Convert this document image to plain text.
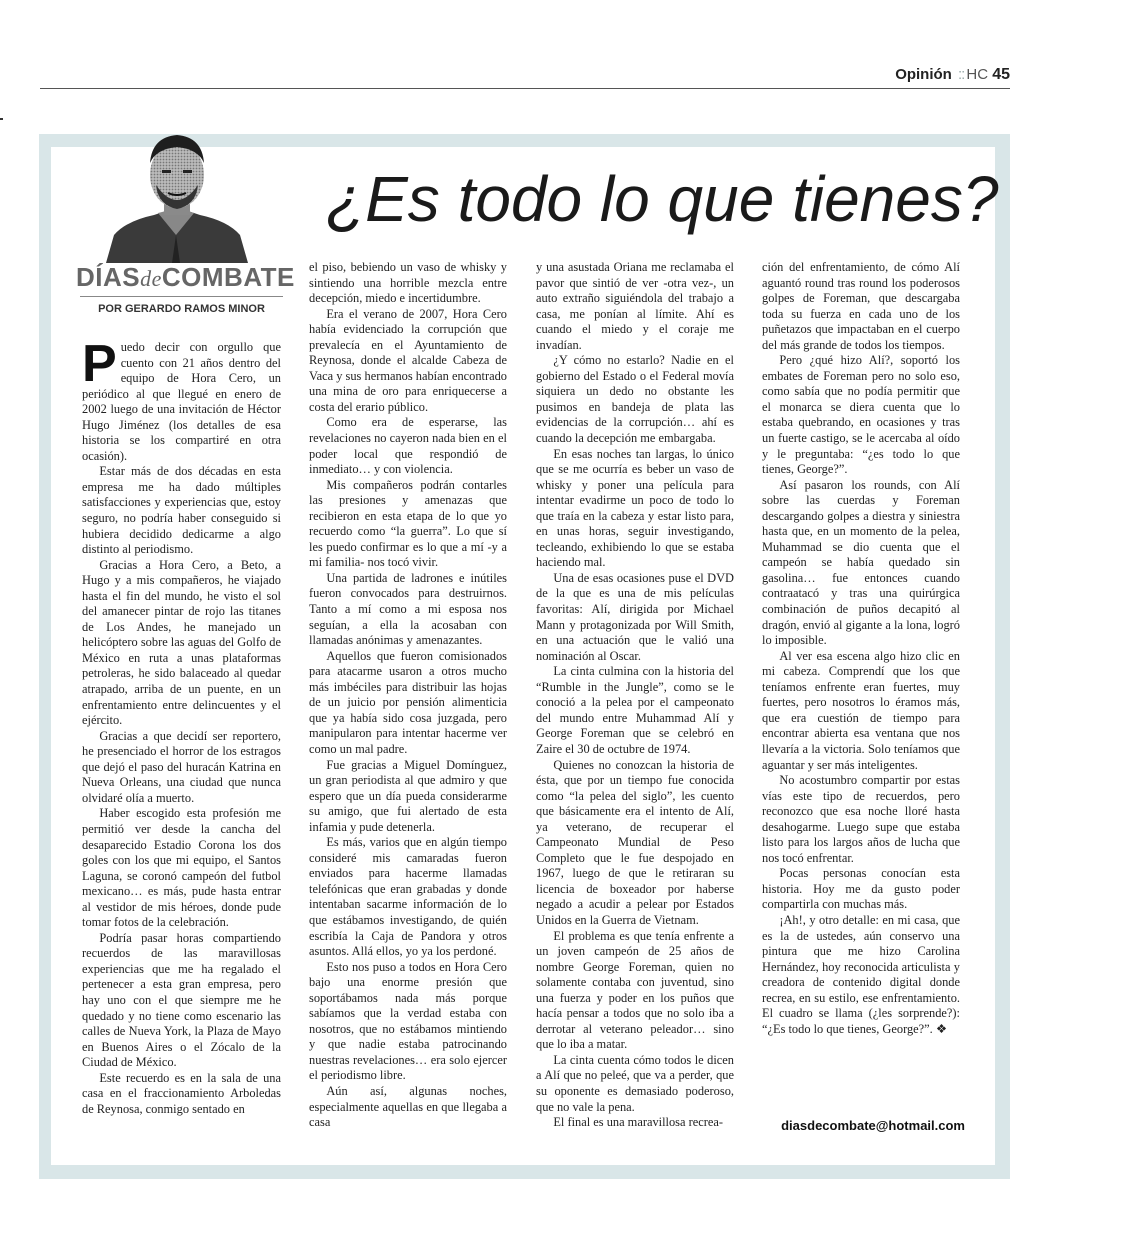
Opinión :: HC 45
DÍASdeCOMBATE
POR GERARDO RAMOS MINOR
¿Es todo lo que tienes?

Puedo decir con orgullo que cuento con 21 años dentro del equipo de Hora Cero, un periódico al que llegué en enero de 2002 luego de una invitación de Héctor Hugo Jiménez (los detalles de esa historia se los compartiré en otra ocasión).

Estar más de dos décadas en esta empresa me ha dado múltiples satisfacciones y experiencias que, estoy seguro, no podría haber conseguido si hubiera decidido dedicarme a algo distinto al periodismo.

Gracias a Hora Cero, a Beto, a Hugo y a mis compañeros, he viajado hasta el fin del mundo, he visto el sol del amanecer pintar de rojo las titanes de Los Andes, he manejado un helicóptero sobre las aguas del Golfo de México en ruta a unas plataformas petroleras, he sido balaceado al quedar atrapado, arriba de un puente, en un enfrentamiento entre delincuentes y el ejército.

Gracias a que decidí ser reportero, he presenciado el horror de los estragos que dejó el paso del huracán Katrina en Nueva Orleans, una ciudad que nunca olvidaré olía a muerto.

Haber escogido esta profesión me permitió ver desde la cancha del desaparecido Estadio Corona los dos goles con los que mi equipo, el Santos Laguna, se coronó campeón del futbol mexicano… es más, pude hasta entrar al vestidor de mis héroes, donde pude tomar fotos de la celebración.

Podría pasar horas compartiendo recuerdos de las maravillosas experiencias que me ha regalado el pertenecer a esta gran empresa, pero hay uno con el que siempre me he quedado y no tiene como escenario las calles de Nueva York, la Plaza de Mayo en Buenos Aires o el Zócalo de la Ciudad de México.

Este recuerdo es en la sala de una casa en el fraccionamiento Arboledas de Reynosa, conmigo sentado en

el piso, bebiendo un vaso de whisky y sintiendo una horrible mezcla entre decepción, miedo e incertidumbre.

Era el verano de 2007, Hora Cero había evidenciado la corrupción que prevalecía en el Ayuntamiento de Reynosa, donde el alcalde Cabeza de Vaca y sus hermanos habían encontrado una mina de oro para enriquecerse a costa del erario público.

Como era de esperarse, las revelaciones no cayeron nada bien en el poder local que respondió de inmediato… y con violencia.

Mis compañeros podrán contarles las presiones y amenazas que recibieron en esta etapa de lo que yo recuerdo como “la guerra”. Lo que sí les puedo confirmar es lo que a mí -y a mi familia- nos tocó vivir.

Una partida de ladrones e inútiles fueron convocados para destruirnos. Tanto a mí como a mi esposa nos seguían, a ella la acosaban con llamadas anónimas y amenazantes.

Aquellos que fueron comisionados para atacarme usaron a otros mucho más imbéciles para distribuir las hojas de un juicio por pensión alimenticia que ya había sido cosa juzgada, pero manipularon para intentar hacerme ver como un mal padre.

Fue gracias a Miguel Domínguez, un gran periodista al que admiro y que espero que un día pueda considerarme su amigo, que fui alertado de esta infamia y pude detenerla.

Es más, varios que en algún tiempo consideré mis camaradas fueron enviados para hacerme llamadas telefónicas que eran grabadas y donde intentaban sacarme información de lo que estábamos investigando, de quién escribía la Caja de Pandora y otros asuntos. Allá ellos, yo ya los perdoné.

Esto nos puso a todos en Hora Cero bajo una enorme presión que soportábamos nada más porque sabíamos que la verdad estaba con nosotros, que no estábamos mintiendo y que nadie estaba patrocinando nuestras revelaciones… era solo ejercer el periodismo libre.

Aún así, algunas noches, especialmente aquellas en que llegaba a casa

y una asustada Oriana me reclamaba el pavor que sintió de ver -otra vez-, un auto extraño siguiéndola del trabajo a casa, me ponían al límite. Ahí es cuando el miedo y el coraje me invadían.

¿Y cómo no estarlo? Nadie en el gobierno del Estado o el Federal movía siquiera un dedo no obstante les pusimos en bandeja de plata las evidencias de la corrupción… ahí es cuando la decepción me embargaba.

En esas noches tan largas, lo único que se me ocurría es beber un vaso de whisky y poner una película para intentar evadirme un poco de todo lo que traía en la cabeza y estar listo para, en unas horas, seguir investigando, tecleando, exhibiendo lo que se estaba haciendo mal.

Una de esas ocasiones puse el DVD de la que es una de mis películas favoritas: Alí, dirigida por Michael Mann y protagonizada por Will Smith, en una actuación que le valió una nominación al Oscar.

La cinta culmina con la historia del “Rumble in the Jungle”, como se le conoció a la pelea por el campeonato del mundo entre Muhammad Alí y George Foreman que se celebró en Zaire el 30 de octubre de 1974.

Quienes no conozcan la historia de ésta, que por un tiempo fue conocida como “la pelea del siglo”, les cuento que básicamente era el intento de Alí, ya veterano, de recuperar el Campeonato Mundial de Peso Completo que le fue despojado en 1967, luego de que le retiraran su licencia de boxeador por haberse negado a acudir a pelear por Estados Unidos en la Guerra de Vietnam.

El problema es que tenía enfrente a un joven campeón de 25 años de nombre George Foreman, quien no solamente contaba con juventud, sino una fuerza y poder en los puños que hacía pensar a todos que no solo iba a derrotar al veterano peleador… sino que lo iba a matar.

La cinta cuenta cómo todos le dicen a Alí que no peleé, que va a perder, que su oponente es demasiado poderoso, que no vale la pena.

El final es una maravillosa recrea-

ción del enfrentamiento, de cómo Alí aguantó round tras round los poderosos golpes de Foreman, que descargaba toda su fuerza en cada uno de los puñetazos que impactaban en el cuerpo del más grande de todos los tiempos.

Pero ¿qué hizo Alí?, soportó los embates de Foreman pero no solo eso, como sabía que no podía permitir que el monarca se diera cuenta que lo estaba quebrando, en ocasiones y tras un fuerte castigo, se le acercaba al oído y le preguntaba: “¿es todo lo que tienes, George?”.

Así pasaron los rounds, con Alí sobre las cuerdas y Foreman descargando golpes a diestra y siniestra hasta que, en un momento de la pelea, Muhammad se dio cuenta que el campeón se había quedado sin gasolina… fue entonces cuando contraatacó y tras una quirúrgica combinación de puños decapitó al dragón, envió al gigante a la lona, logró lo imposible.

Al ver esa escena algo hizo clic en mi cabeza. Comprendí que los que teníamos enfrente eran fuertes, muy fuertes, pero nosotros lo éramos más, que era cuestión de tiempo para encontrar abierta esa ventana que nos llevaría a la victoria. Solo teníamos que aguantar y ser más inteligentes.

No acostumbro compartir por estas vías este tipo de recuerdos, pero reconozco que esa noche lloré hasta desahogarme. Luego supe que estaba listo para los largos años de lucha que nos tocó enfrentar.

Pocas personas conocían esta historia. Hoy me da gusto poder compartirla con muchas más.

¡Ah!, y otro detalle: en mi casa, que es la de ustedes, aún conservo una pintura que me hizo Carolina Hernández, hoy reconocida articulista y creadora de contenido digital donde recrea, en su estilo, ese enfrentamiento. El cuadro se llama (¿les sorprende?): “¿Es todo lo que tienes, George?”. ❖

diasdecombate@hotmail.com
